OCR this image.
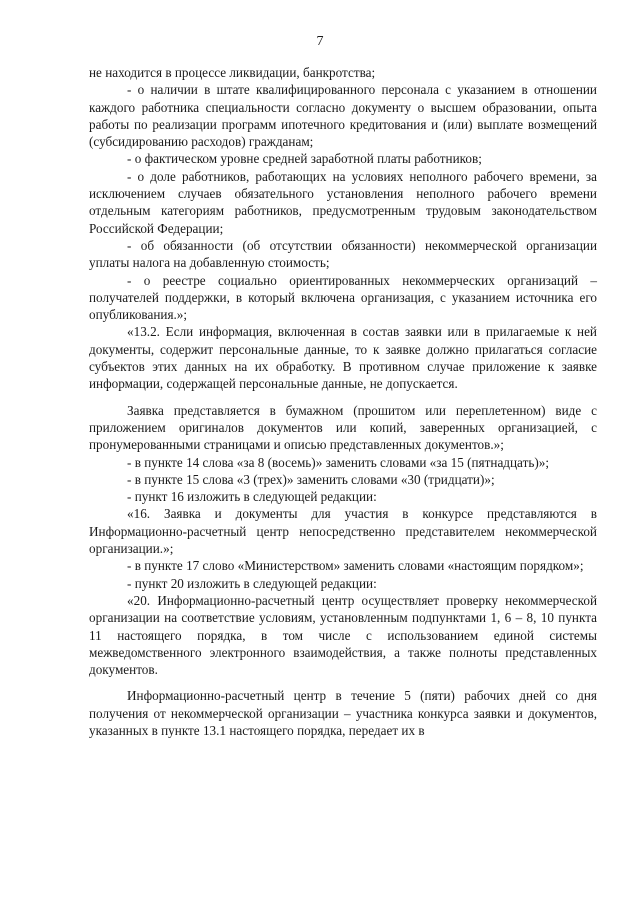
7

не находится в процессе ликвидации, банкротства;

- о наличии в штате квалифицированного персонала с указанием в отношении каждого работника специальности согласно документу о высшем образовании, опыта работы по реализации программ ипотечного кредитования и (или) выплате возмещений (субсидированию расходов) гражданам;

- о фактическом уровне средней заработной платы работников;

- о доле работников, работающих на условиях неполного рабочего времени, за исключением случаев обязательного установления неполного рабочего времени отдельным категориям работников, предусмотренным трудовым законодательством Российской Федерации;

- об обязанности (об отсутствии обязанности) некоммерческой организации уплаты налога на добавленную стоимость;

- о реестре социально ориентированных некоммерческих организаций – получателей поддержки, в который включена организация, с указанием источника его опубликования.»;

«13.2. Если информация, включенная в состав заявки или в прилагаемые к ней документы, содержит персональные данные, то к заявке должно прилагаться согласие субъектов этих данных на их обработку. В противном случае приложение к заявке информации, содержащей персональные данные, не допускается.

Заявка представляется в бумажном (прошитом или переплетенном) виде с приложением оригиналов документов или копий, заверенных организацией, с пронумерованными страницами и описью представленных документов.»;

- в пункте 14 слова «за 8 (восемь)» заменить словами «за 15 (пятнадцать)»;

- в пункте 15 слова «3 (трех)» заменить словами «30 (тридцати)»;

- пункт 16 изложить в следующей редакции:

«16. Заявка и документы для участия в конкурсе представляются в Информационно-расчетный центр непосредственно представителем некоммерческой организации.»;

- в пункте 17 слово «Министерством» заменить словами «настоящим порядком»;

- пункт 20 изложить в следующей редакции:

«20. Информационно-расчетный центр осуществляет проверку некоммерческой организации на соответствие условиям, установленным подпунктами 1, 6 – 8, 10 пункта 11 настоящего порядка, в том числе с использованием единой системы межведомственного электронного взаимодействия, а также полноты представленных документов.

Информационно-расчетный центр в течение 5 (пяти) рабочих дней со дня получения от некоммерческой организации – участника конкурса заявки и документов, указанных в пункте 13.1 настоящего порядка, передает их в
